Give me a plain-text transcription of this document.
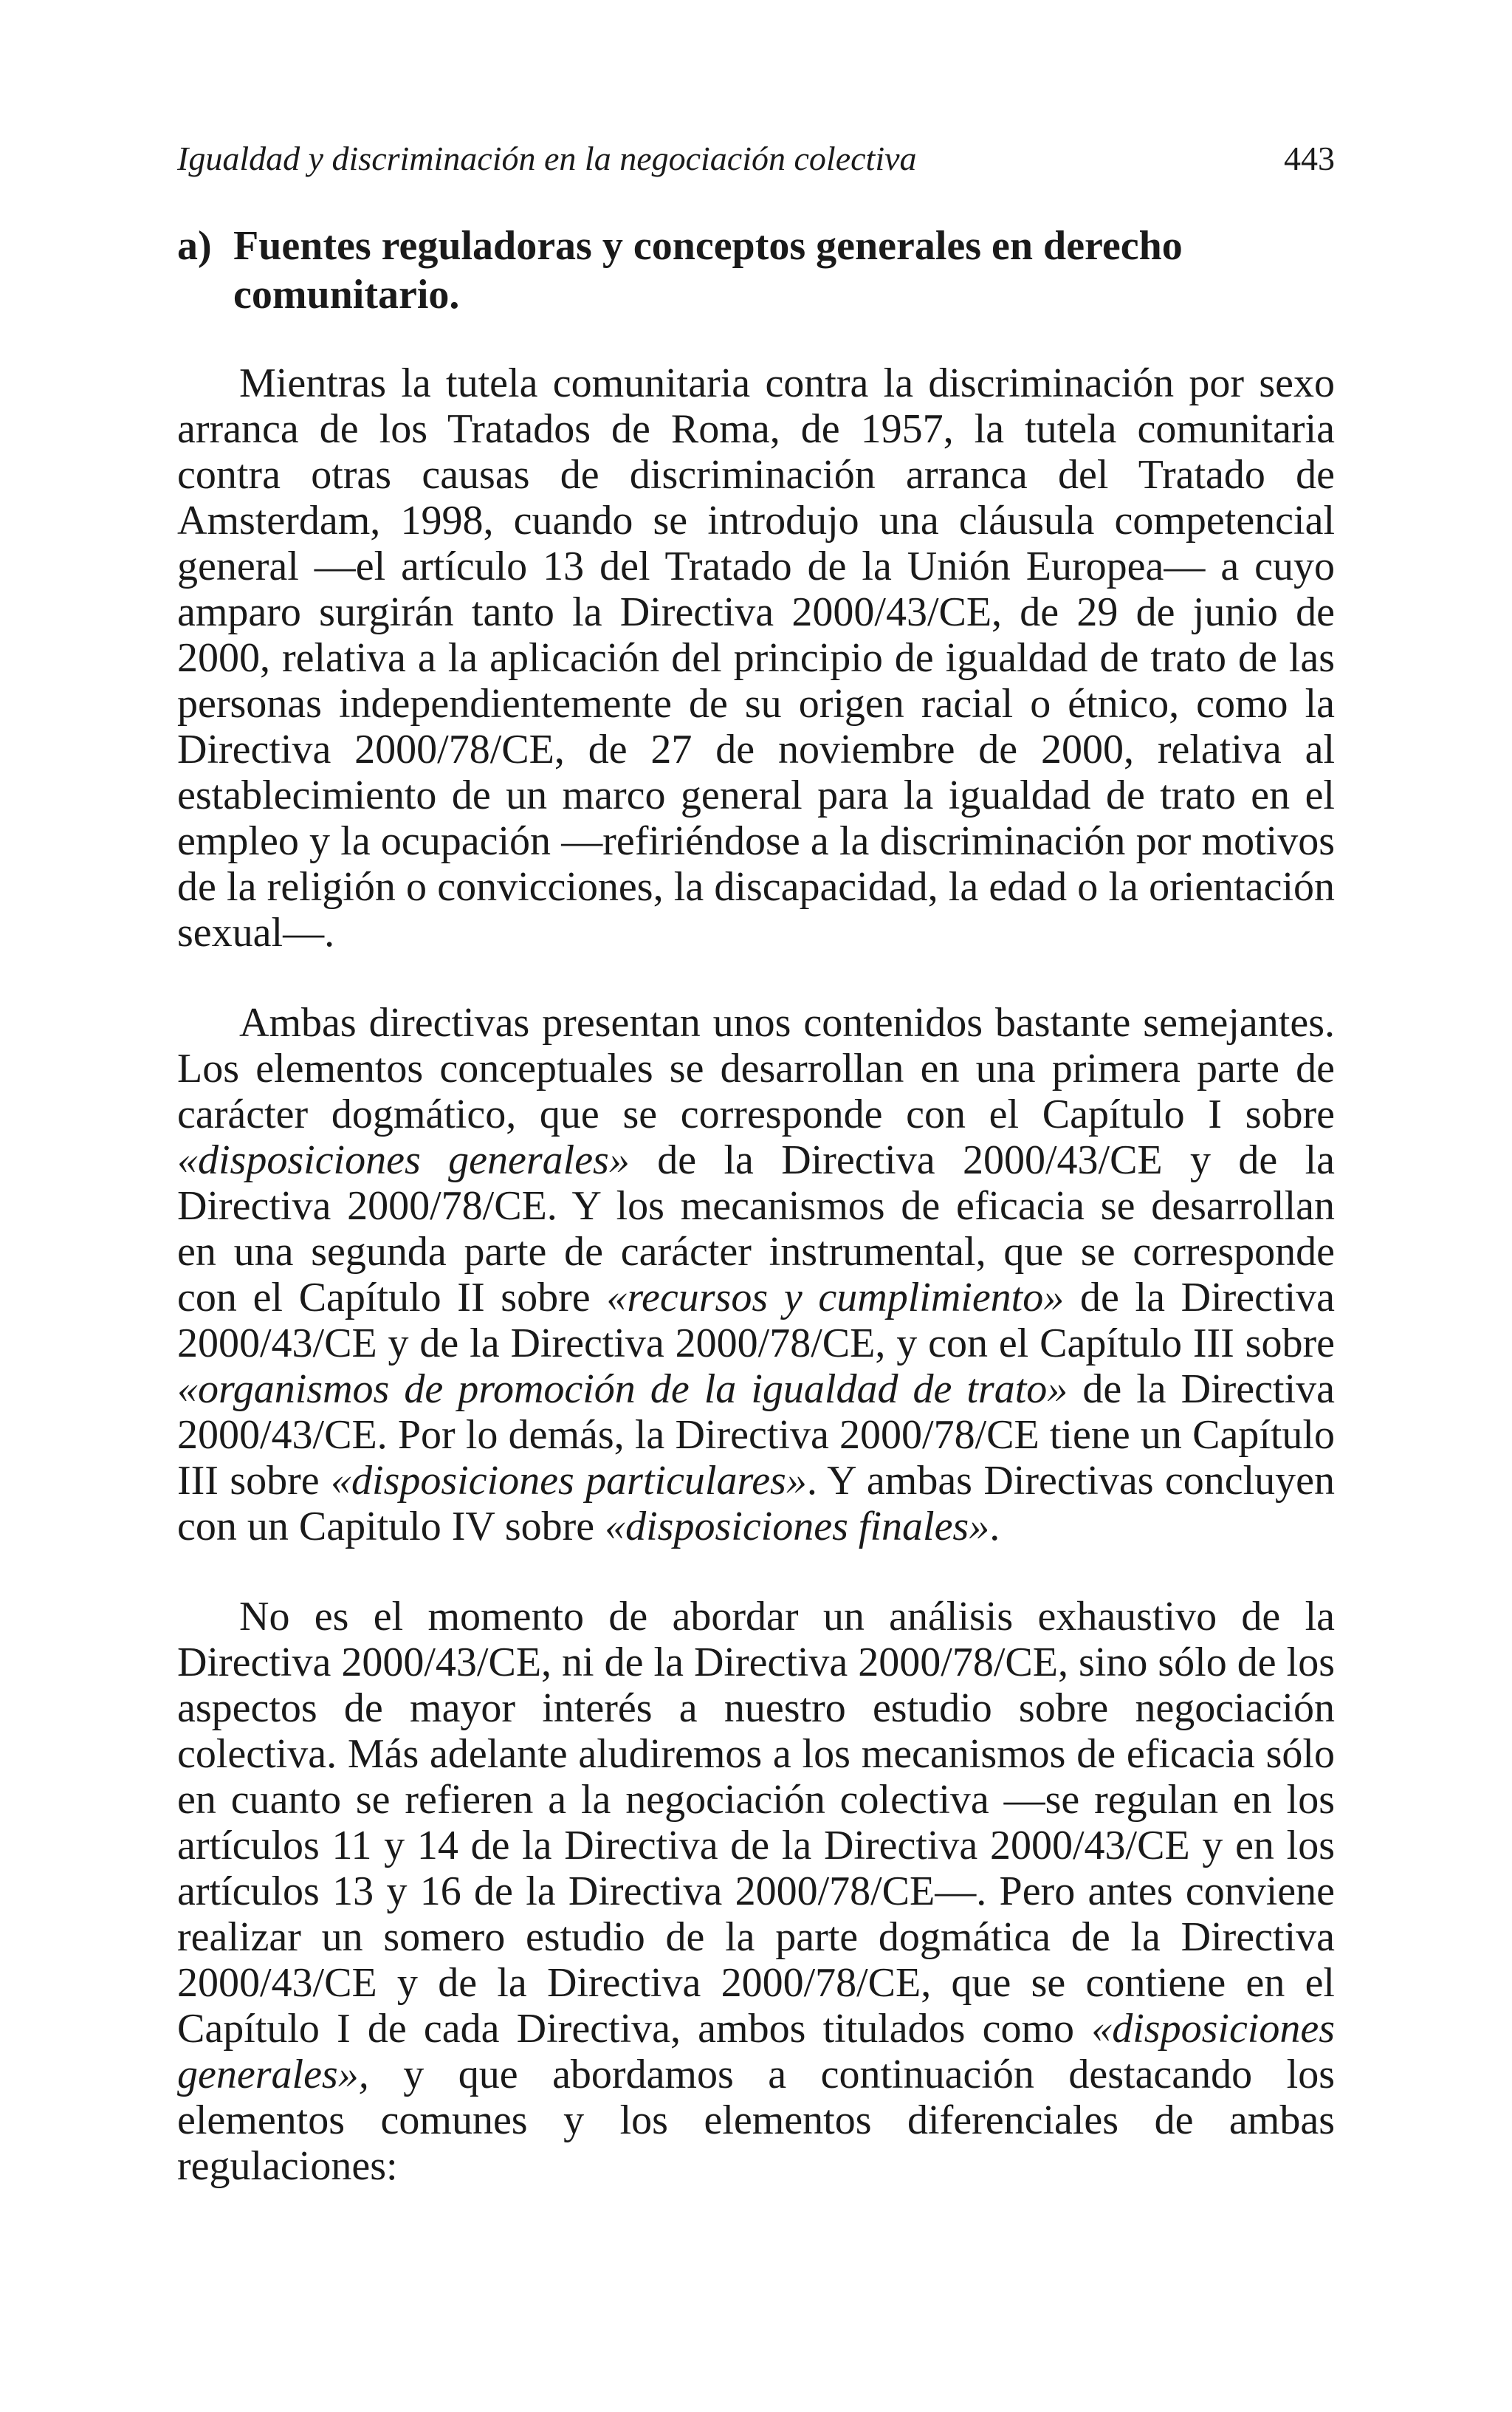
Igualdad y discriminación en la negociación colectiva	443
a) Fuentes reguladoras y conceptos generales en derecho comunitario.

Mientras la tutela comunitaria contra la discriminación por sexo arranca de los Tratados de Roma, de 1957, la tutela comunitaria contra otras causas de discriminación arranca del Tratado de Amsterdam, 1998, cuando se introdujo una cláusula competencial general —el artículo 13 del Tratado de la Unión Europea— a cuyo amparo surgirán tanto la Directiva 2000/43/CE, de 29 de junio de 2000, relativa a la aplicación del principio de igualdad de trato de las personas independientemente de su origen racial o étnico, como la Directiva 2000/78/CE, de 27 de noviembre de 2000, relativa al establecimiento de un marco general para la igualdad de trato en el empleo y la ocupación —refiriéndose a la discriminación por motivos de la religión o convicciones, la discapacidad, la edad o la orientación sexual—.

Ambas directivas presentan unos contenidos bastante semejantes. Los elementos conceptuales se desarrollan en una primera parte de carácter dogmático, que se corresponde con el Capítulo I sobre «disposiciones generales» de la Directiva 2000/43/CE y de la Directiva 2000/78/CE. Y los mecanismos de eficacia se desarrollan en una segunda parte de carácter instrumental, que se corresponde con el Capítulo II sobre «recursos y cumplimiento» de la Directiva 2000/43/CE y de la Directiva 2000/78/CE, y con el Capítulo III sobre «organismos de promoción de la igualdad de trato» de la Directiva 2000/43/CE. Por lo demás, la Directiva 2000/78/CE tiene un Capítulo III sobre «disposiciones particulares». Y ambas Directivas concluyen con un Capitulo IV sobre «disposiciones finales».

No es el momento de abordar un análisis exhaustivo de la Directiva 2000/43/CE, ni de la Directiva 2000/78/CE, sino sólo de los aspectos de mayor interés a nuestro estudio sobre negociación colectiva. Más adelante aludiremos a los mecanismos de eficacia sólo en cuanto se refieren a la negociación colectiva —se regulan en los artículos 11 y 14 de la Directiva de la Directiva 2000/43/CE y en los artículos 13 y 16 de la Directiva 2000/78/CE—. Pero antes conviene realizar un somero estudio de la parte dogmática de la Directiva 2000/43/CE y de la Directiva 2000/78/CE, que se contiene en el Capítulo I de cada Directiva, ambos titulados como «disposiciones generales», y que abordamos a continuación destacando los elementos comunes y los elementos diferenciales de ambas regulaciones:
